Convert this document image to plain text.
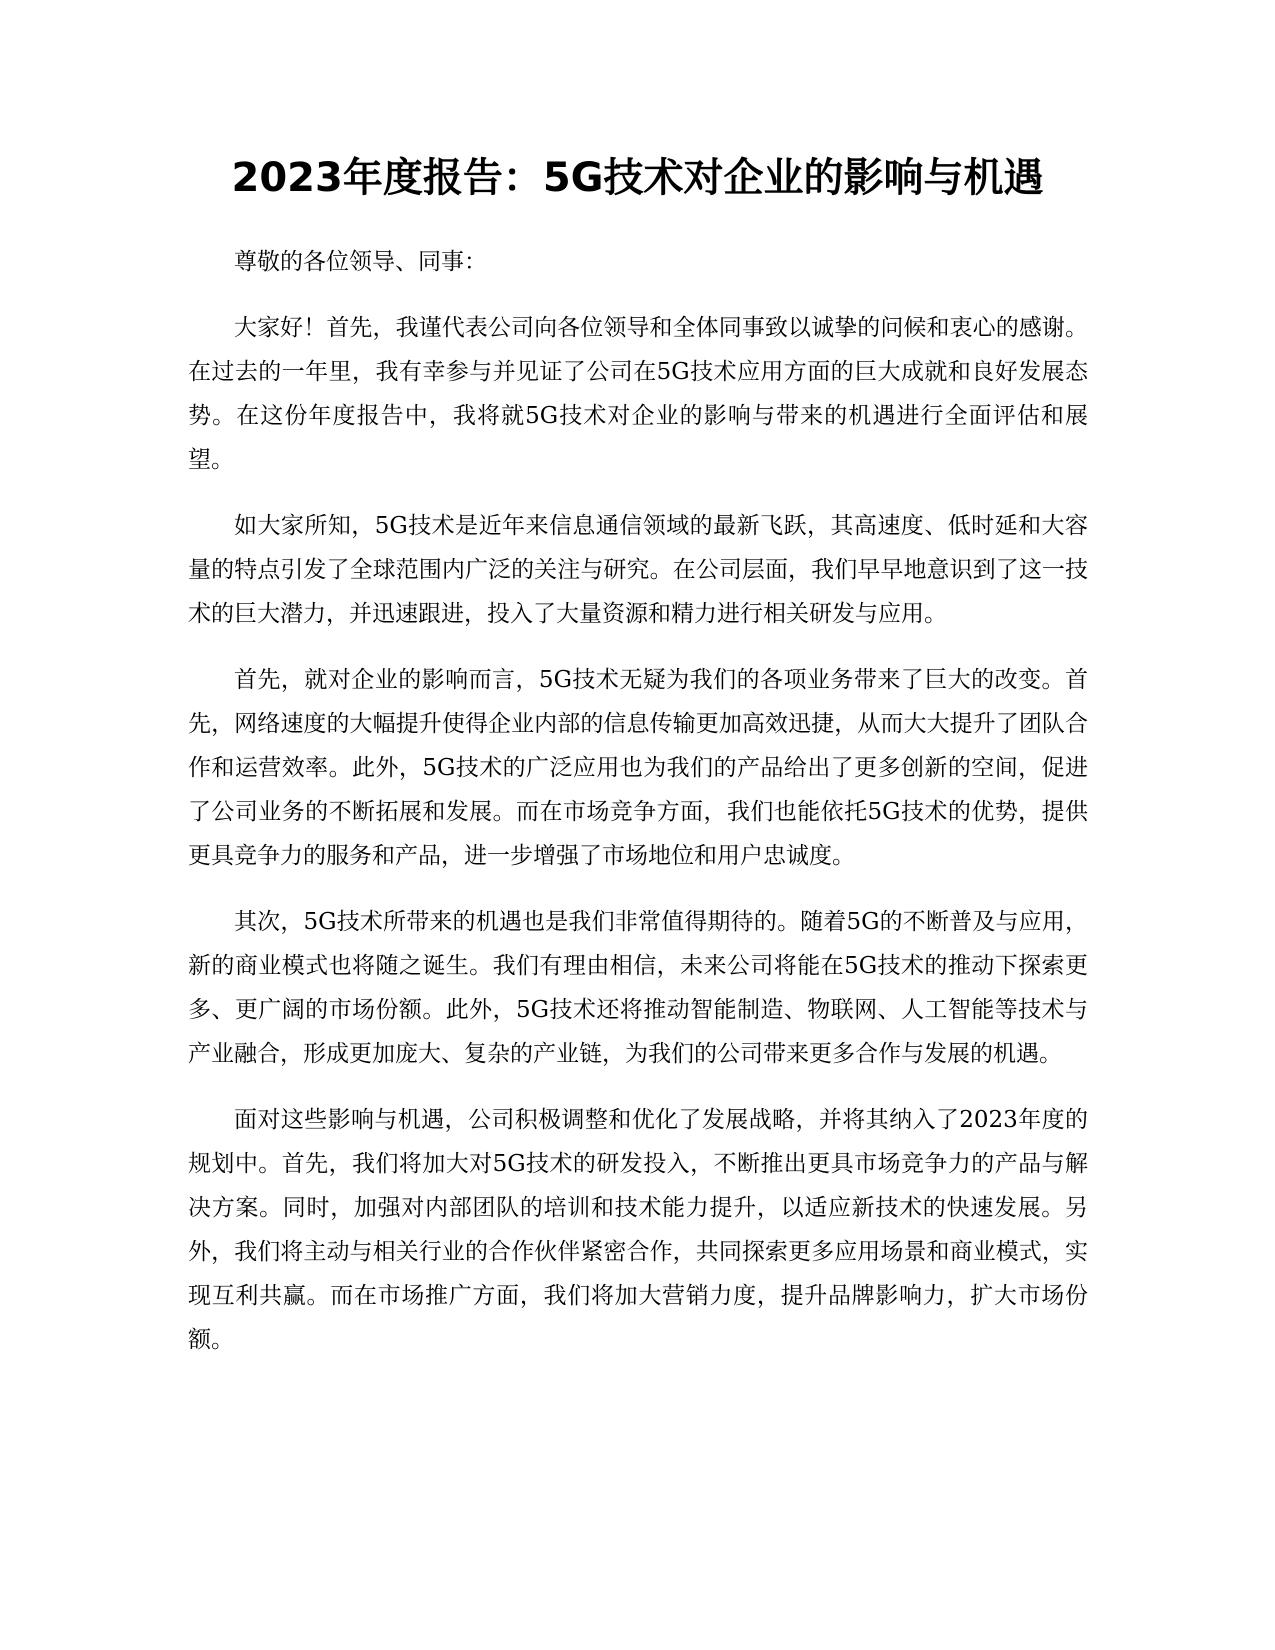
2023年度报告：5G技术对企业的影响与机遇

尊敬的各位领导、同事：

大家好！首先，我谨代表公司向各位领导和全体同事致以诚挚的问候和衷心的感谢。在过去的一年里，我有幸参与并见证了公司在5G技术应用方面的巨大成就和良好发展态势。在这份年度报告中，我将就5G技术对企业的影响与带来的机遇进行全面评估和展望。

如大家所知，5G技术是近年来信息通信领域的最新飞跃，其高速度、低时延和大容量的特点引发了全球范围内广泛的关注与研究。在公司层面，我们早早地意识到了这一技术的巨大潜力，并迅速跟进，投入了大量资源和精力进行相关研发与应用。

首先，就对企业的影响而言，5G技术无疑为我们的各项业务带来了巨大的改变。首先，网络速度的大幅提升使得企业内部的信息传输更加高效迅捷，从而大大提升了团队合作和运营效率。此外，5G技术的广泛应用也为我们的产品给出了更多创新的空间，促进了公司业务的不断拓展和发展。而在市场竞争方面，我们也能依托5G技术的优势，提供更具竞争力的服务和产品，进一步增强了市场地位和用户忠诚度。

其次，5G技术所带来的机遇也是我们非常值得期待的。随着5G的不断普及与应用，新的商业模式也将随之诞生。我们有理由相信，未来公司将能在5G技术的推动下探索更多、更广阔的市场份额。此外，5G技术还将推动智能制造、物联网、人工智能等技术与产业融合，形成更加庞大、复杂的产业链，为我们的公司带来更多合作与发展的机遇。

面对这些影响与机遇，公司积极调整和优化了发展战略，并将其纳入了2023年度的规划中。首先，我们将加大对5G技术的研发投入，不断推出更具市场竞争力的产品与解决方案。同时，加强对内部团队的培训和技术能力提升，以适应新技术的快速发展。另外，我们将主动与相关行业的合作伙伴紧密合作，共同探索更多应用场景和商业模式，实现互利共赢。而在市场推广方面，我们将加大营销力度，提升品牌影响力，扩大市场份额。
